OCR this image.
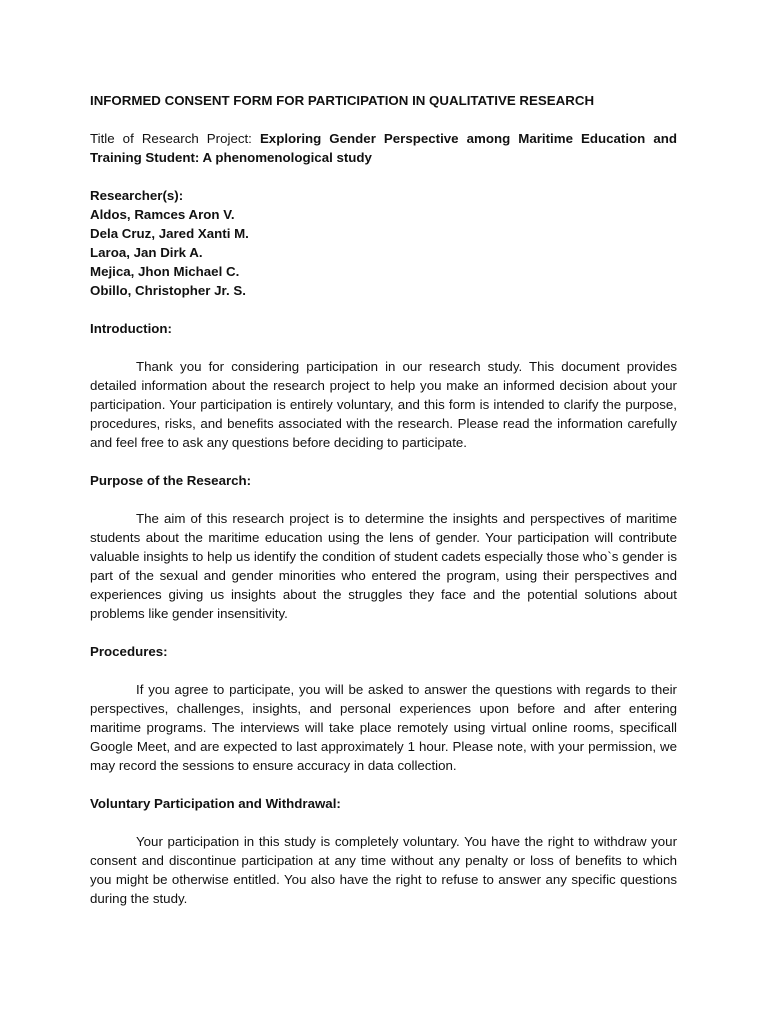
INFORMED CONSENT FORM FOR PARTICIPATION IN QUALITATIVE RESEARCH
Title of Research Project: Exploring Gender Perspective among Maritime Education and Training Student: A phenomenological study
Researcher(s):
Aldos, Ramces Aron V.
Dela Cruz, Jared Xanti M.
Laroa, Jan Dirk A.
Mejica, Jhon Michael C.
Obillo, Christopher Jr. S.
Introduction:

Thank you for considering participation in our research study. This document provides detailed information about the research project to help you make an informed decision about your participation. Your participation is entirely voluntary, and this form is intended to clarify the purpose, procedures, risks, and benefits associated with the research. Please read the information carefully and feel free to ask any questions before deciding to participate.

Purpose of the Research:

The aim of this research project is to determine the insights and perspectives of maritime students about the maritime education using the lens of gender. Your participation will contribute valuable insights to help us identify the condition of student cadets especially those who`s gender is part of the sexual and gender minorities who entered the program, using their perspectives and experiences giving us insights about the struggles they face and the potential solutions about problems like gender insensitivity.

Procedures:

If you agree to participate, you will be asked to answer the questions with regards to their perspectives, challenges, insights, and personal experiences upon before and after entering maritime programs. The interviews will take place remotely using virtual online rooms, specificall Google Meet, and are expected to last approximately 1 hour. Please note, with your permission, we may record the sessions to ensure accuracy in data collection.

Voluntary Participation and Withdrawal:

Your participation in this study is completely voluntary. You have the right to withdraw your consent and discontinue participation at any time without any penalty or loss of benefits to which you might be otherwise entitled. You also have the right to refuse to answer any specific questions during the study.
